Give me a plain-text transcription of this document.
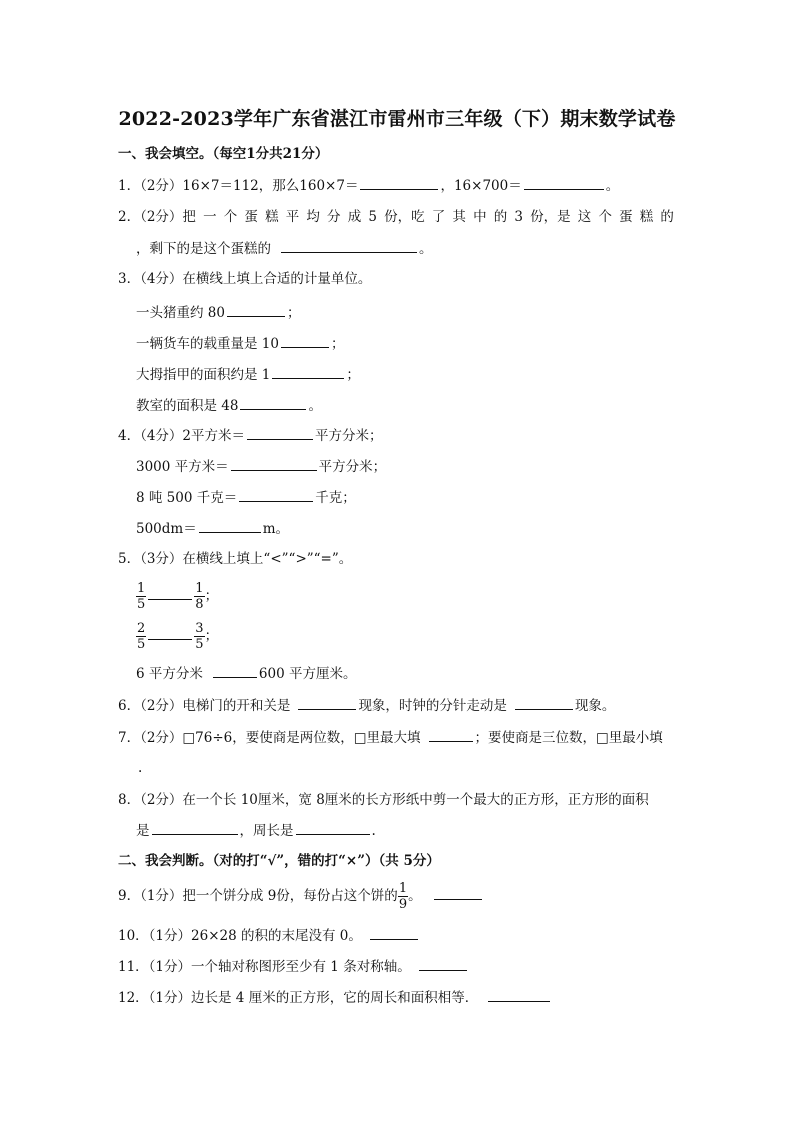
2022-2023学年广东省湛江市雷州市三年级（下）期末数学试卷
一、我会填空。（每空1分共21分）
1．（2分）16×7＝112，那么160×7＝	，16×700＝	。
2．（2分）把 一 个 蛋 糕 平 均 分 成 5 份，吃 了 其 中 的 3 份，是 这 个 蛋 糕 的
，剩下的是这个蛋糕的	。
3．（4分）在横线上填上合适的计量单位。
一头猪重约 80	；
一辆货车的载重量是 10	；
大拇指甲的面积约是 1	；
教室的面积是 48	。
4．（4分）2平方米＝	平方分米；
3000 平方米＝	平方分米；
8 吨 500 千克＝	千克；
500dm＝	m。
5．（3分）在横线上填上“<”“>”“=”。
$\frac{1}{5}$	$\frac{1}{8}$ ；
$\frac{2}{5}$	$\frac{3}{5}$ ；
6 平方分米	600 平方厘米。
6．（2分）电梯门的开和关是	现象，时钟的分针走动是	现象。
7．（2分）□76÷6，要使商是两位数，□里最大填	；要使商是三位数，□里最小填
.
8．（2分）在一个长 10厘米，宽 8厘米的长方形纸中剪一个最大的正方形，正方形的面积
是	，周长是	.
二、我会判断。（对的打“√”，错的打“×”）（共 5分）
9．（1分）把一个饼分成 9份，每份占这个饼的 $\frac{1}{9}$ 。
10．（1分）26×28 的积的末尾没有 0。
11．（1分）一个轴对称图形至少有 1 条对称轴。
12．（1分）边长是 4 厘米的正方形，它的周长和面积相等．
